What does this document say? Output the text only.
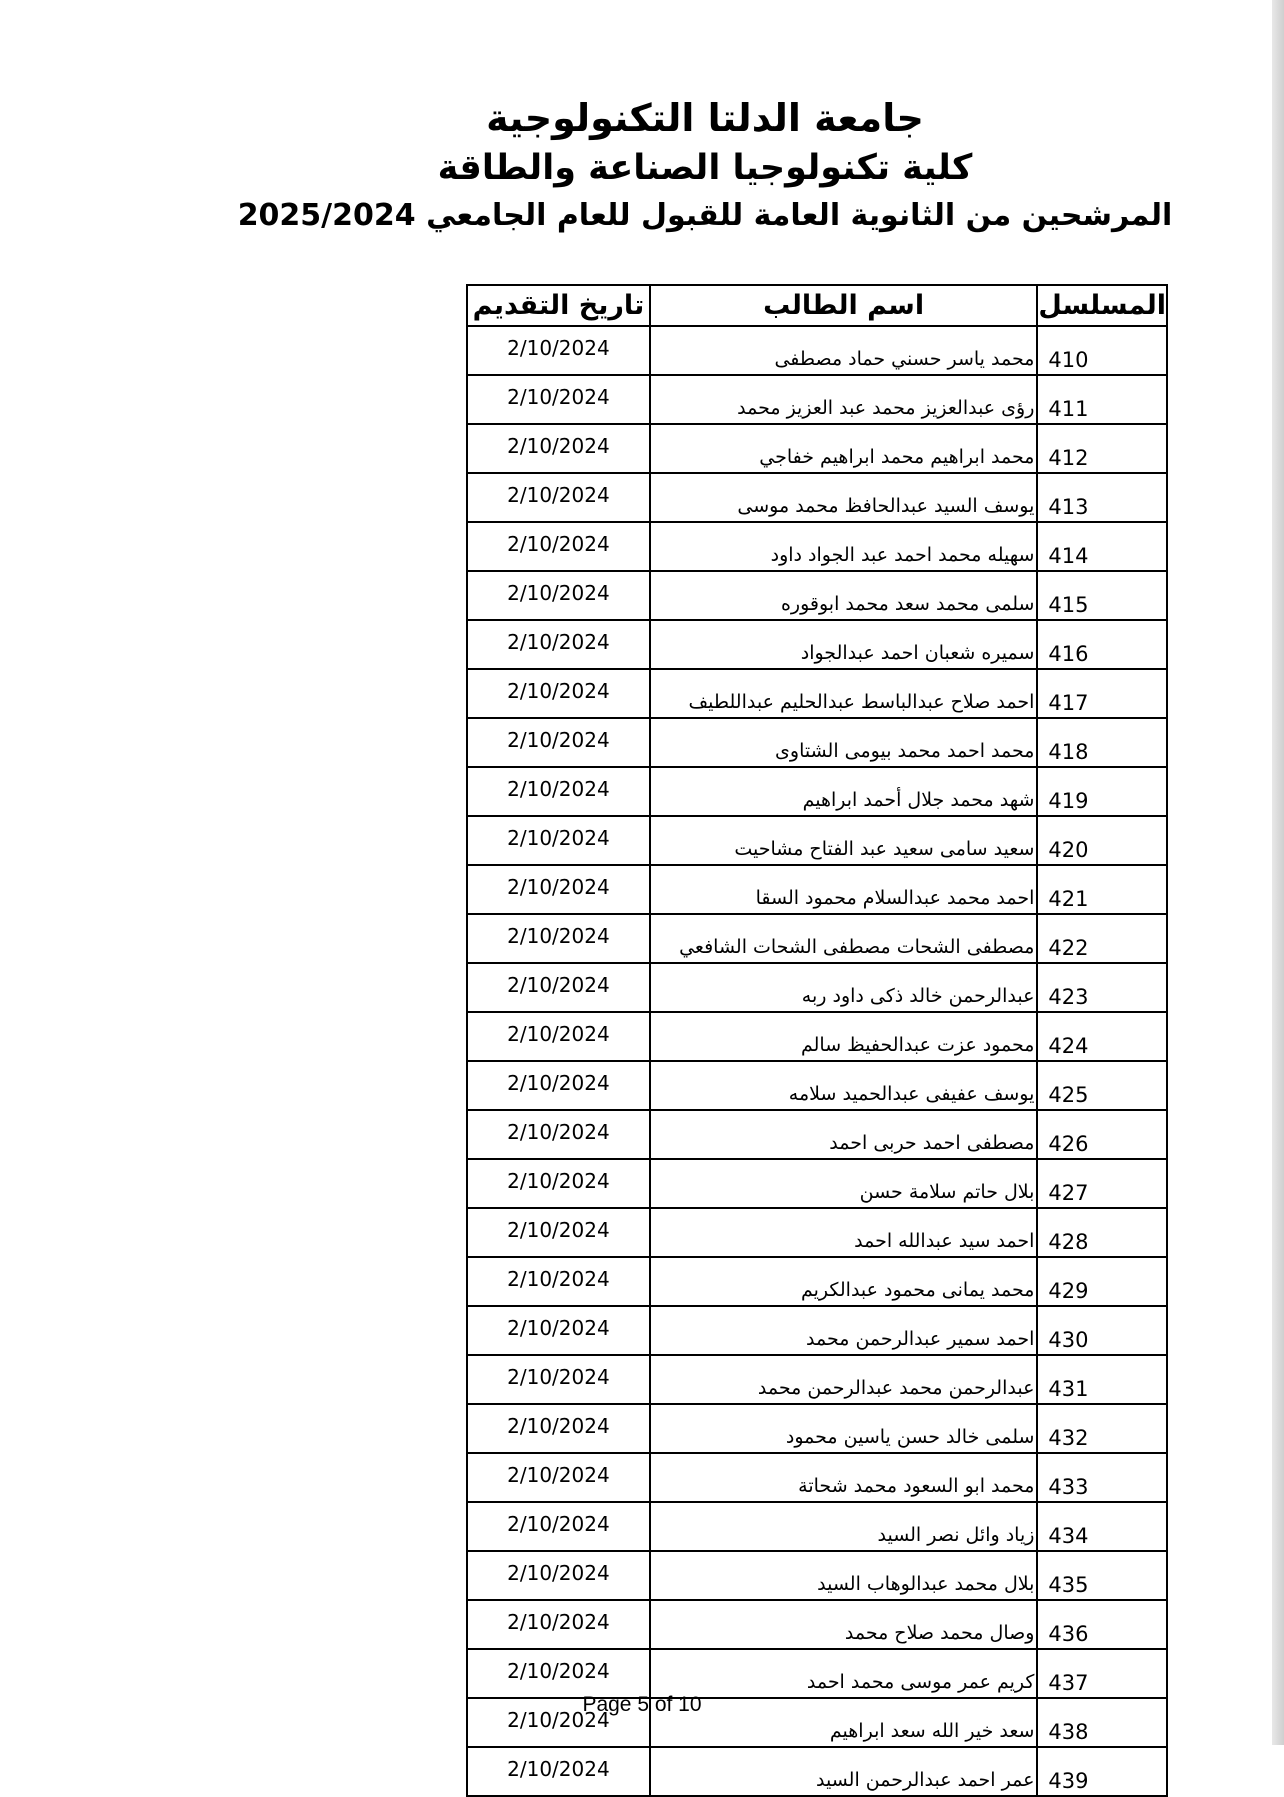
جامعة الدلتا التكنولوجية
كلية تكنولوجيا الصناعة والطاقة
المرشحين من الثانوية العامة للقبول للعام الجامعي 2025/2024
المسلسل	اسم الطالب	تاريخ التقديم
410	محمد ياسر حسني حماد مصطفى	2/10/2024
411	رؤى عبدالعزيز محمد عبد العزيز محمد	2/10/2024
412	محمد ابراهيم محمد ابراهيم خفاجي	2/10/2024
413	يوسف السيد عبدالحافظ محمد موسى	2/10/2024
414	سهيله محمد احمد عبد الجواد داود	2/10/2024
415	سلمى محمد سعد محمد ابوقوره	2/10/2024
416	سميره شعبان احمد عبدالجواد	2/10/2024
417	احمد صلاح عبدالباسط عبدالحليم عبداللطيف	2/10/2024
418	محمد احمد محمد بيومى الشتاوى	2/10/2024
419	شهد محمد جلال أحمد ابراهيم	2/10/2024
420	سعيد سامى سعيد عبد الفتاح مشاحيت	2/10/2024
421	احمد محمد عبدالسلام محمود السقا	2/10/2024
422	مصطفى الشحات مصطفى الشحات الشافعي	2/10/2024
423	عبدالرحمن خالد ذكى داود ربه	2/10/2024
424	محمود عزت عبدالحفيظ سالم	2/10/2024
425	يوسف عفيفى عبدالحميد سلامه	2/10/2024
426	مصطفى احمد حربى احمد	2/10/2024
427	بلال حاتم سلامة حسن	2/10/2024
428	احمد سيد عبدالله احمد	2/10/2024
429	محمد يمانى محمود عبدالكريم	2/10/2024
430	احمد سمير عبدالرحمن محمد	2/10/2024
431	عبدالرحمن محمد عبدالرحمن محمد	2/10/2024
432	سلمى خالد حسن ياسين محمود	2/10/2024
433	محمد ابو السعود محمد شحاتة	2/10/2024
434	زياد وائل نصر السيد	2/10/2024
435	بلال محمد عبدالوهاب السيد	2/10/2024
436	وصال محمد صلاح محمد	2/10/2024
437	كريم عمر موسى محمد احمد	2/10/2024
438	سعد خير الله سعد ابراهيم	2/10/2024
439	عمر احمد عبدالرحمن السيد	2/10/2024
Page 5 of 10
